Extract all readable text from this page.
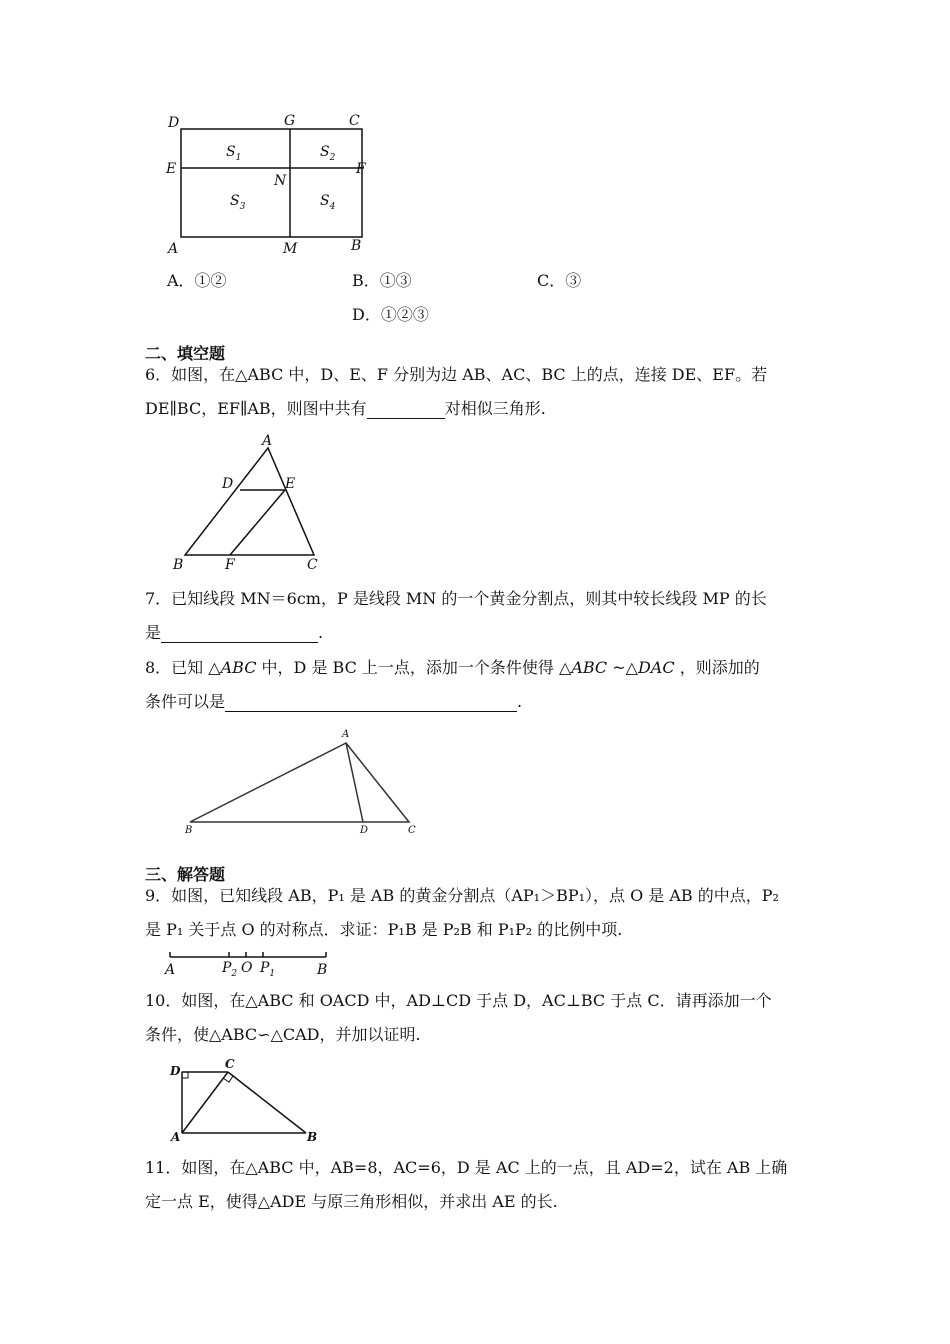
D	G	C
E	F
N
A	M	B
$S_1$	$S_2$
$S_3$	$S_4$
A．①②	B．①③	C．③
D．①②③
二、填空题
6．如图，在△ABC 中，D、E、F 分别为边 AB、AC、BC 上的点，连接 DE、EF。若
DE∥BC，EF∥AB，则图中共有	对相似三角形.
A
D	E
B	F	C
7．已知线段 MN＝6cm，P 是线段 MN 的一个黄金分割点，则其中较长线段 MP 的长
是	.
8．已知 △ABC 中，D 是 BC 上一点，添加一个条件使得 △ABC ~△DAC ，则添加的
条件可以是	.
A
B	D	C
三、解答题
9．如图，已知线段 AB，P₁ 是 AB 的黄金分割点（AP₁＞BP₁），点 O 是 AB 的中点，P₂
是 P₁ 关于点 O 的对称点．求证：P₁B 是 P₂B 和 P₁P₂ 的比例中项.
A	$P_2$ O $P_1$	B
10．如图，在△ABC 和 OACD 中，AD⊥CD 于点 D，AC⊥BC 于点 C．请再添加一个
条件，使△ABC∽△CAD，并加以证明.
D	C
A	B
11．如图，在△ABC 中，AB=8，AC=6，D 是 AC 上的一点，且 AD=2，试在 AB 上确
定一点 E，使得△ADE 与原三角形相似，并求出 AE 的长.
